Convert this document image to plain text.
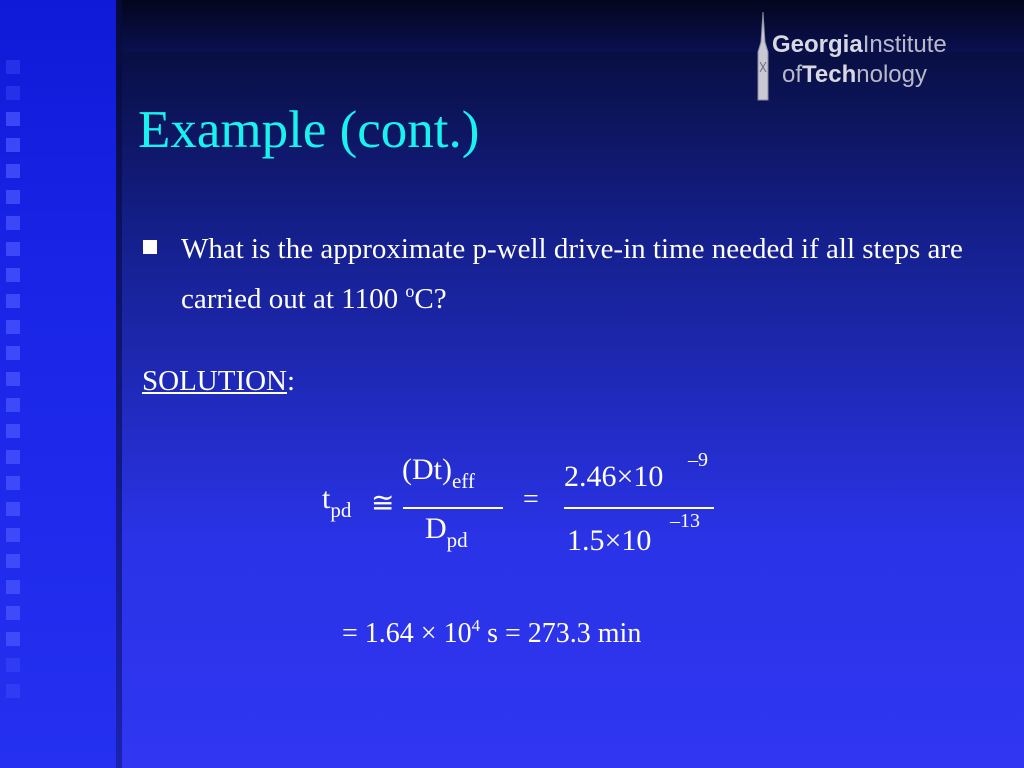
GeorgiaInstitute
ofTechnology
Example (cont.)
What is the approximate p-well drive-in time needed if all steps are carried out at 1100 $^o$C?
SOLUTION:
$t_{pd}$ ≅
$(Dt)_{eff}$
$D_{pd}$
=
2.46×10 –9
1.5×10
–13
= $1.64 \times 10^4$ s = 273.3 min
